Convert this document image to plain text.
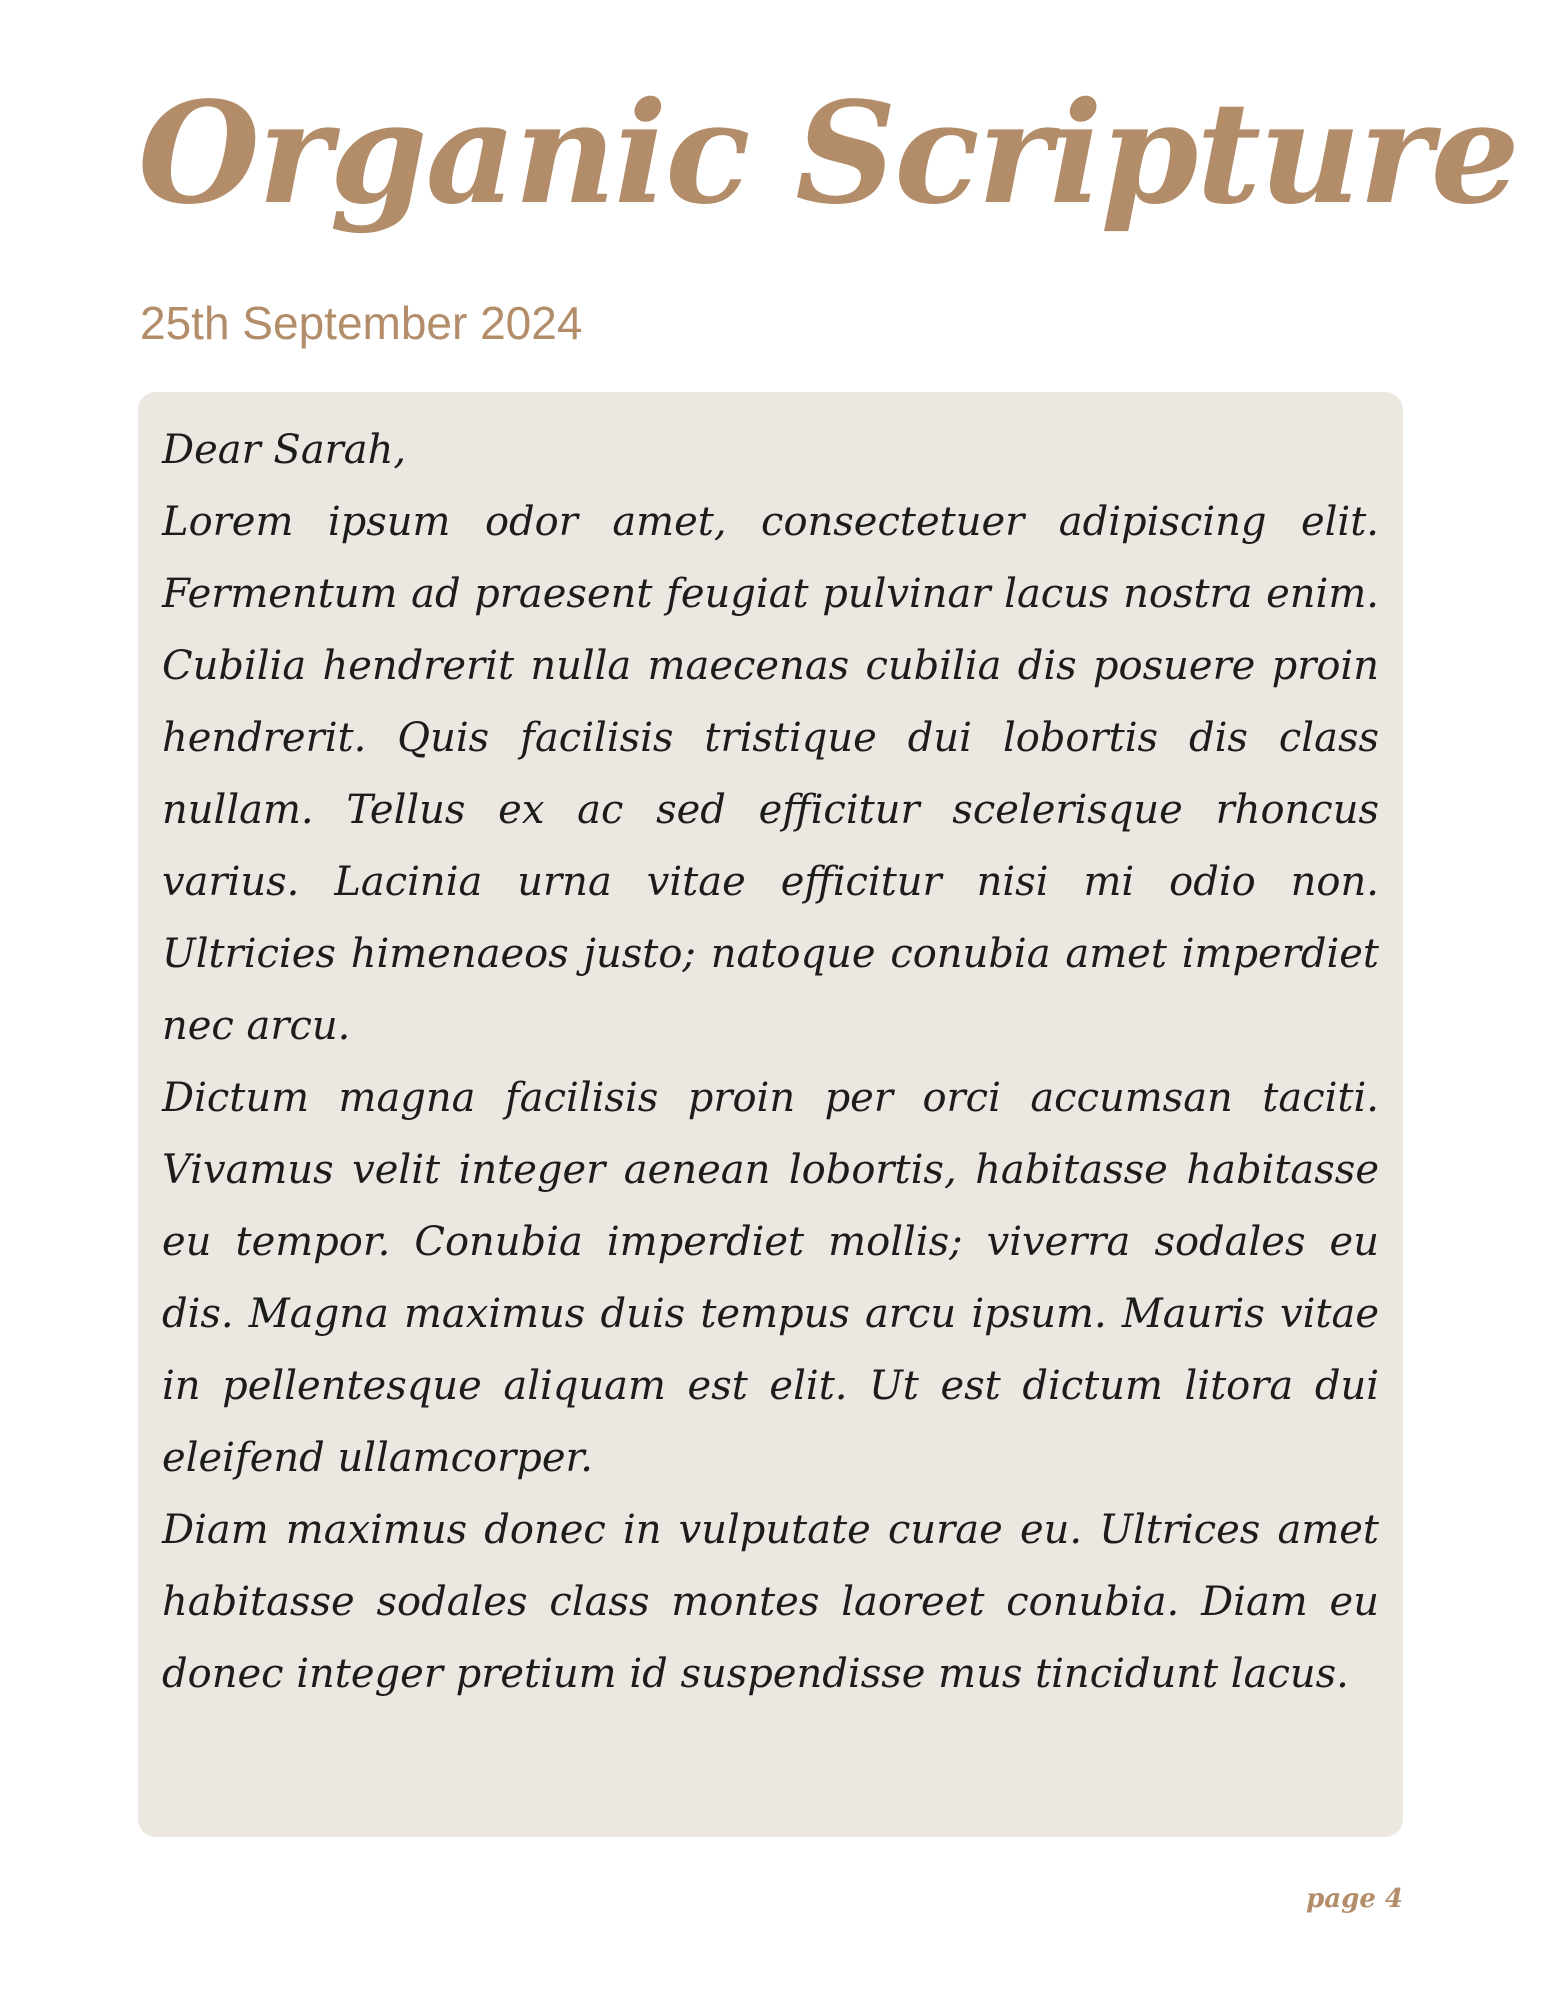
Organic Scripture

25th September 2024

Dear Sarah,

Lorem ipsum odor amet, consectetuer adipiscing elit. Fermentum ad praesent feugiat pulvinar lacus nostra enim. Cubilia hendrerit nulla maecenas cubilia dis posuere proin hendrerit. Quis facilisis tristique dui lobortis dis class nullam. Tellus ex ac sed efficitur scelerisque rhoncus varius. Lacinia urna vitae efficitur nisi mi odio non. Ultricies himenaeos justo; natoque conubia amet imperdiet nec arcu.

Dictum magna facilisis proin per orci accumsan taciti. Vivamus velit integer aenean lobortis, habitasse habitasse eu tempor. Conubia imperdiet mollis; viverra sodales eu dis. Magna maximus duis tempus arcu ipsum. Mauris vitae in pellentesque aliquam est elit. Ut est dictum litora dui eleifend ullamcorper.

Diam maximus donec in vulputate curae eu. Ultrices amet habitasse sodales class montes laoreet conubia. Diam eu donec integer pretium id suspendisse mus tincidunt lacus.

page 4
